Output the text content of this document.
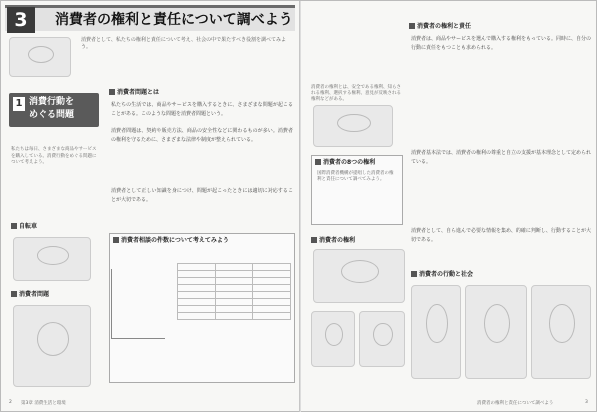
3	消費者の権利と責任について調べよう
消費者として、私たちの権利と責任について考え、社会の中で果たすべき役割を調べてみよう。
1 消費行動を
めぐる問題
私たちは毎日、さまざまな商品やサービスを購入している。消費行動をめぐる問題について考えよう。
自転車
消費者問題
消費者問題とは
私たちの生活では、商品やサービスを購入するときに、さまざまな問題が起こることがある。このような問題を消費者問題という。
消費者問題は、契約や販売方法、商品の安全性などに関わるものが多い。消費者の権利を守るために、さまざまな法律や制度が整えられている。
消費者として正しい知識を身につけ、問題が起こったときには適切に対応することが大切である。
消費者相談の件数について考えてみよう

2 第3章 消費生活と環境
消費者の権利とは、安全である権利、知らされる権利、選択する権利、意見が反映される権利などがある。
消費者の8つの権利
国際消費者機構が提唱した消費者の権利と責任について調べてみよう。
消費者の権利
消費者の権利と責任
消費者は、商品やサービスを選んで購入する権利をもっている。同時に、自分の行動に責任をもつことも求められる。
消費者基本法では、消費者の権利の尊重と自立の支援が基本理念として定められている。
消費者として、自ら進んで必要な情報を集め、的確に判断し、行動することが大切である。
消費者の行動と社会
消費者の権利と責任について調べよう	3
